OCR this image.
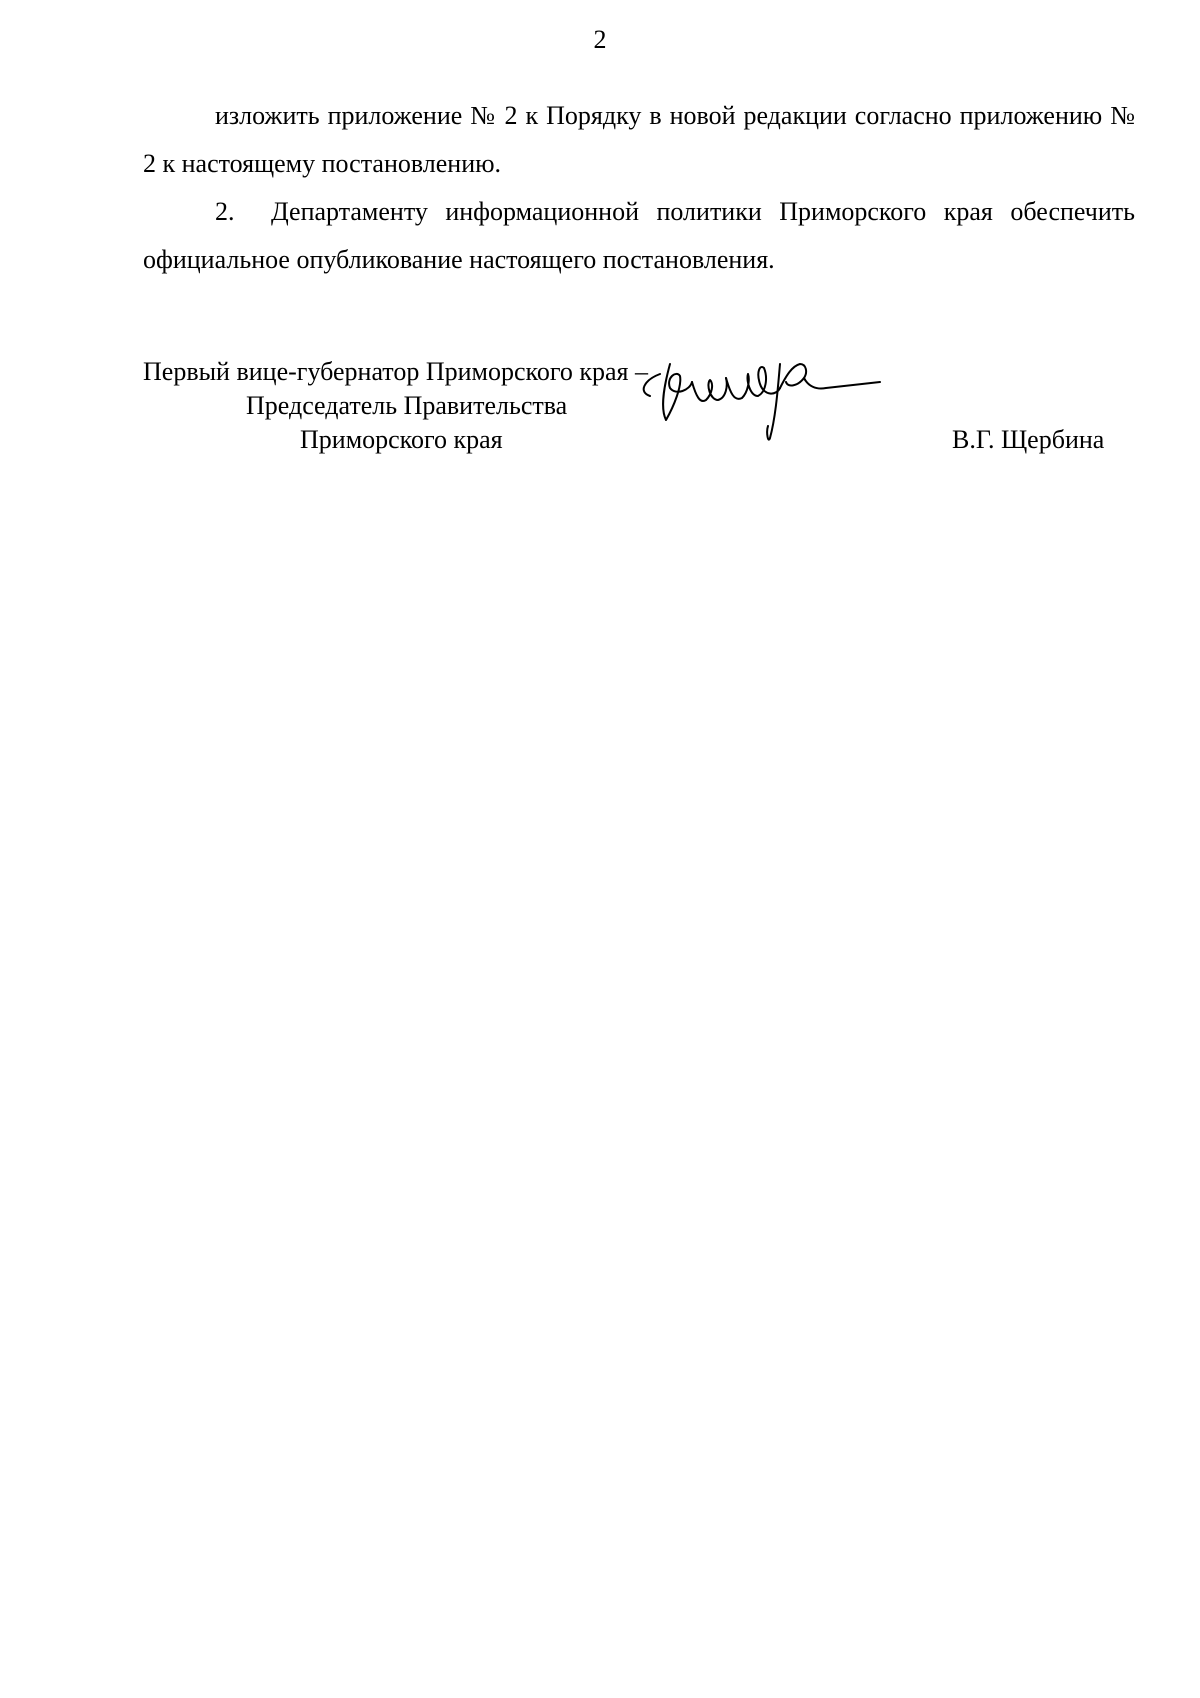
2

изложить приложение № 2 к Порядку в новой редакции согласно приложению № 2 к настоящему постановлению.

2. Департаменту информационной политики Приморского края обеспечить официальное опубликование настоящего постановления.

Первый вице-губернатор Приморского края –
Председатель Правительства
Приморского края	В.Г. Щербина
